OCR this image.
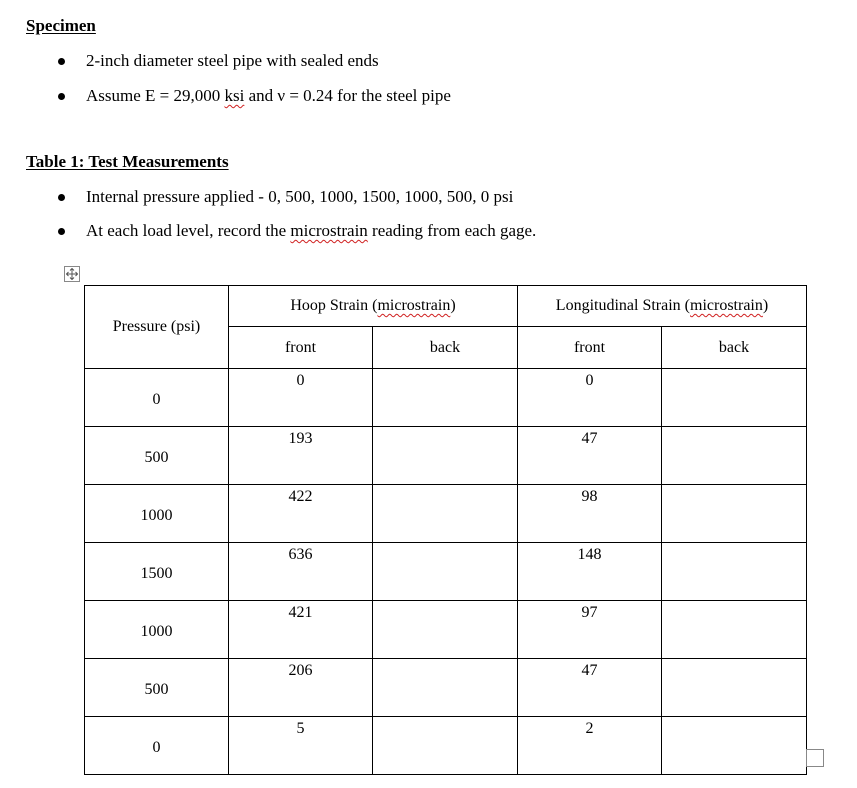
Specimen
2-inch diameter steel pipe with sealed ends
Assume E = 29,000 ksi and ν = 0.24 for the steel pipe
Table 1: Test Measurements
Internal pressure applied - 0, 500, 1000, 1500, 1000, 500, 0 psi
At each load level, record the microstrain reading from each gage.
Pressure (psi)	Hoop Strain (microstrain)		Longitudinal Strain (microstrain)	
	front	back	front	back
0	0		0	
500	193		47	
1000	422		98	
1500	636		148	
1000	421		97	
500	206		47	
0	5		2	
